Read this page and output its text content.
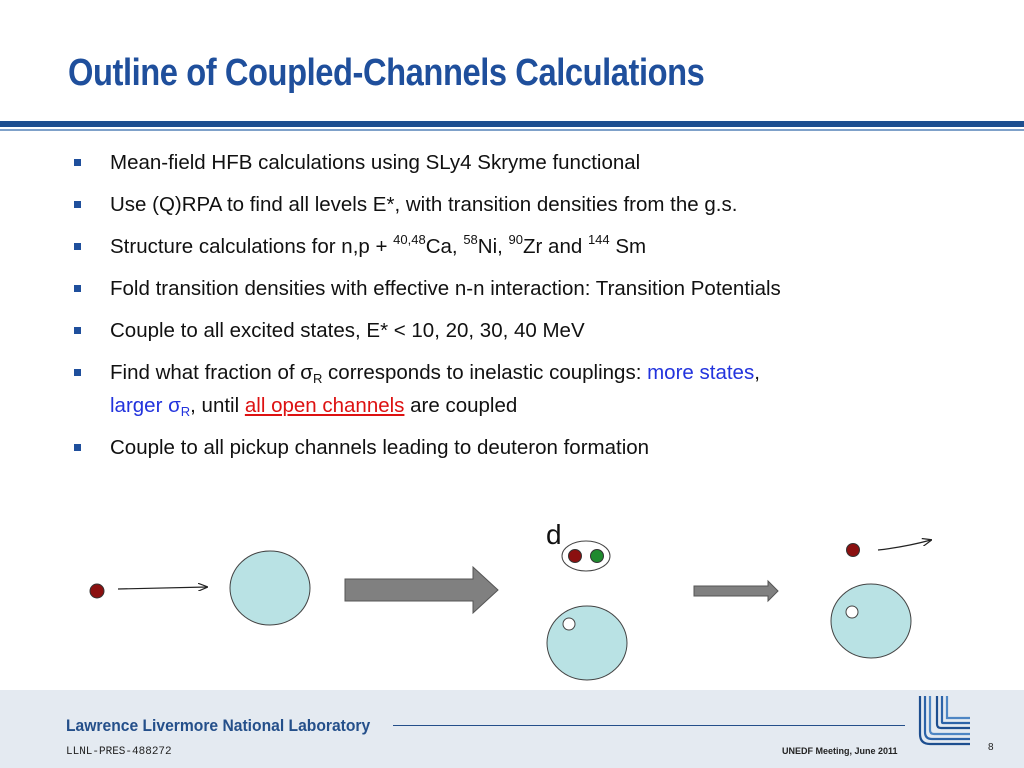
Outline of Coupled-Channels Calculations
Mean-field HFB calculations using SLy4 Skryme functional
Use (Q)RPA to find all levels E*, with transition densities from the g.s.
Structure calculations for n,p + $^{40,48}$Ca, $^{58}$Ni, $^{90}$Zr and $^{144}$ Sm
Fold transition densities with effective n-n interaction: Transition Potentials
Couple to all excited states, E* < 10, 20, 30, 40 MeV
Find what fraction of $\sigma_R$ corresponds to inelastic couplings: more states,
larger $\sigma_R$, until all open channels are coupled
Couple to all pickup channels leading to deuteron formation
d
Lawrence Livermore National Laboratory
LLNL-PRES-488272	UNEDF Meeting, June 2011	8
